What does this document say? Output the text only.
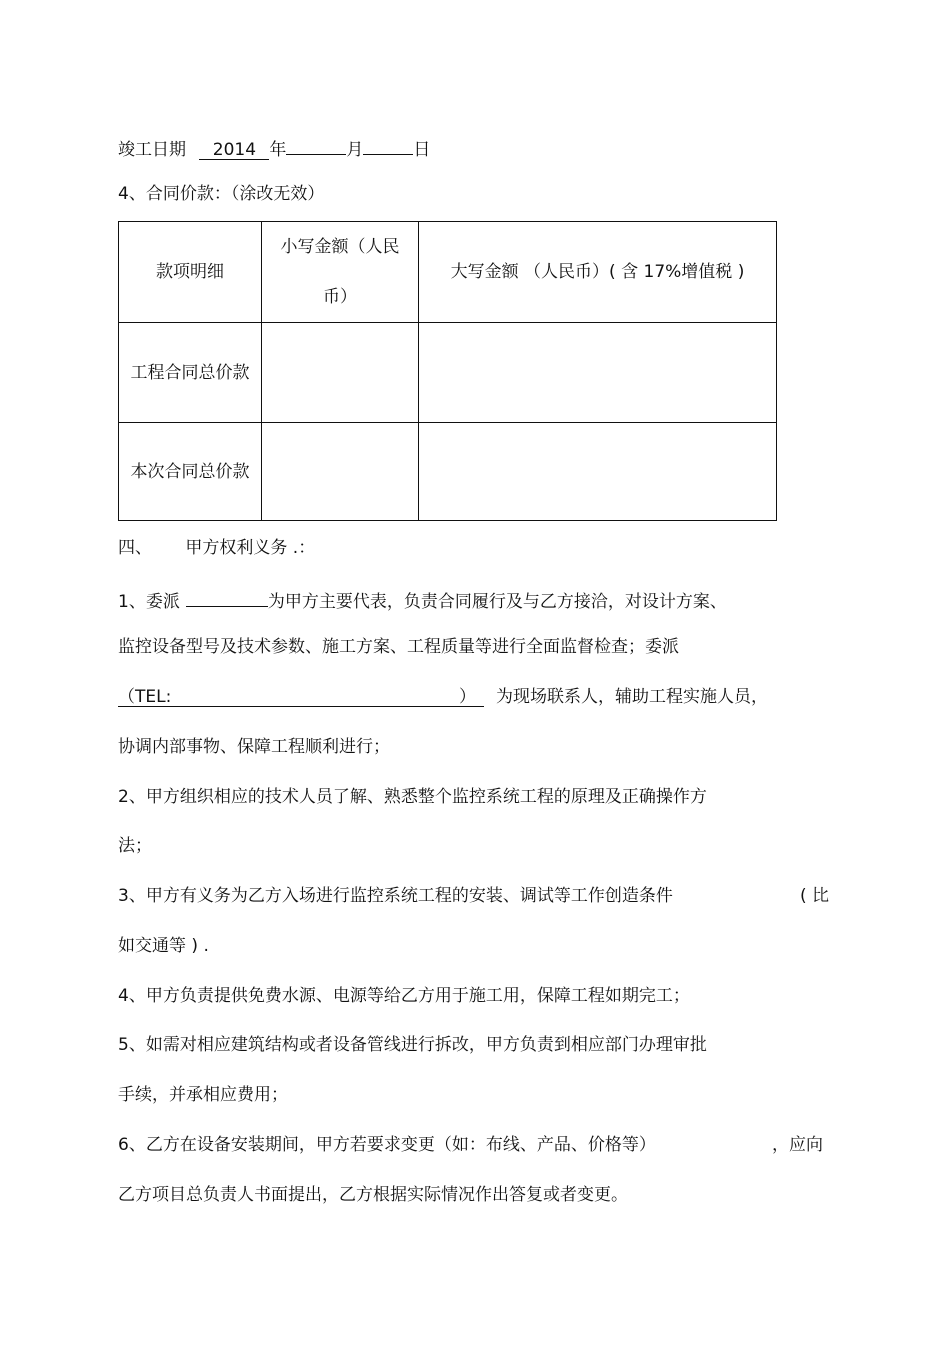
竣工日期 2014 年	月	日
4、合同价款：（涂改无效）
款项明细	小写金额（人民币）	大写金额 （人民币）( 含 17%增值税 )

工程合同总价款		

本次合同总价款		

四、 甲方权利义务 .：
1、委派	为甲方主要代表，负责合同履行及与乙方接洽，对设计方案、
监控设备型号及技术参数、施工方案、工程质量等进行全面监督检查；委派
（TEL:	） 为现场联系人，辅助工程实施人员，
协调内部事物、保障工程顺利进行；
2、甲方组织相应的技术人员了解、熟悉整个监控系统工程的原理及正确操作方
法；
3、甲方有义务为乙方入场进行监控系统工程的安装、调试等工作创造条件	( 比
如交通等 ) .
4、甲方负责提供免费水源、电源等给乙方用于施工用，保障工程如期完工；
5、如需对相应建筑结构或者设备管线进行拆改，甲方负责到相应部门办理审批
手续，并承相应费用；
6、乙方在设备安装期间，甲方若要求变更（如：布线、产品、价格等）	，应向
乙方项目总负责人书面提出，乙方根据实际情况作出答复或者变更。
